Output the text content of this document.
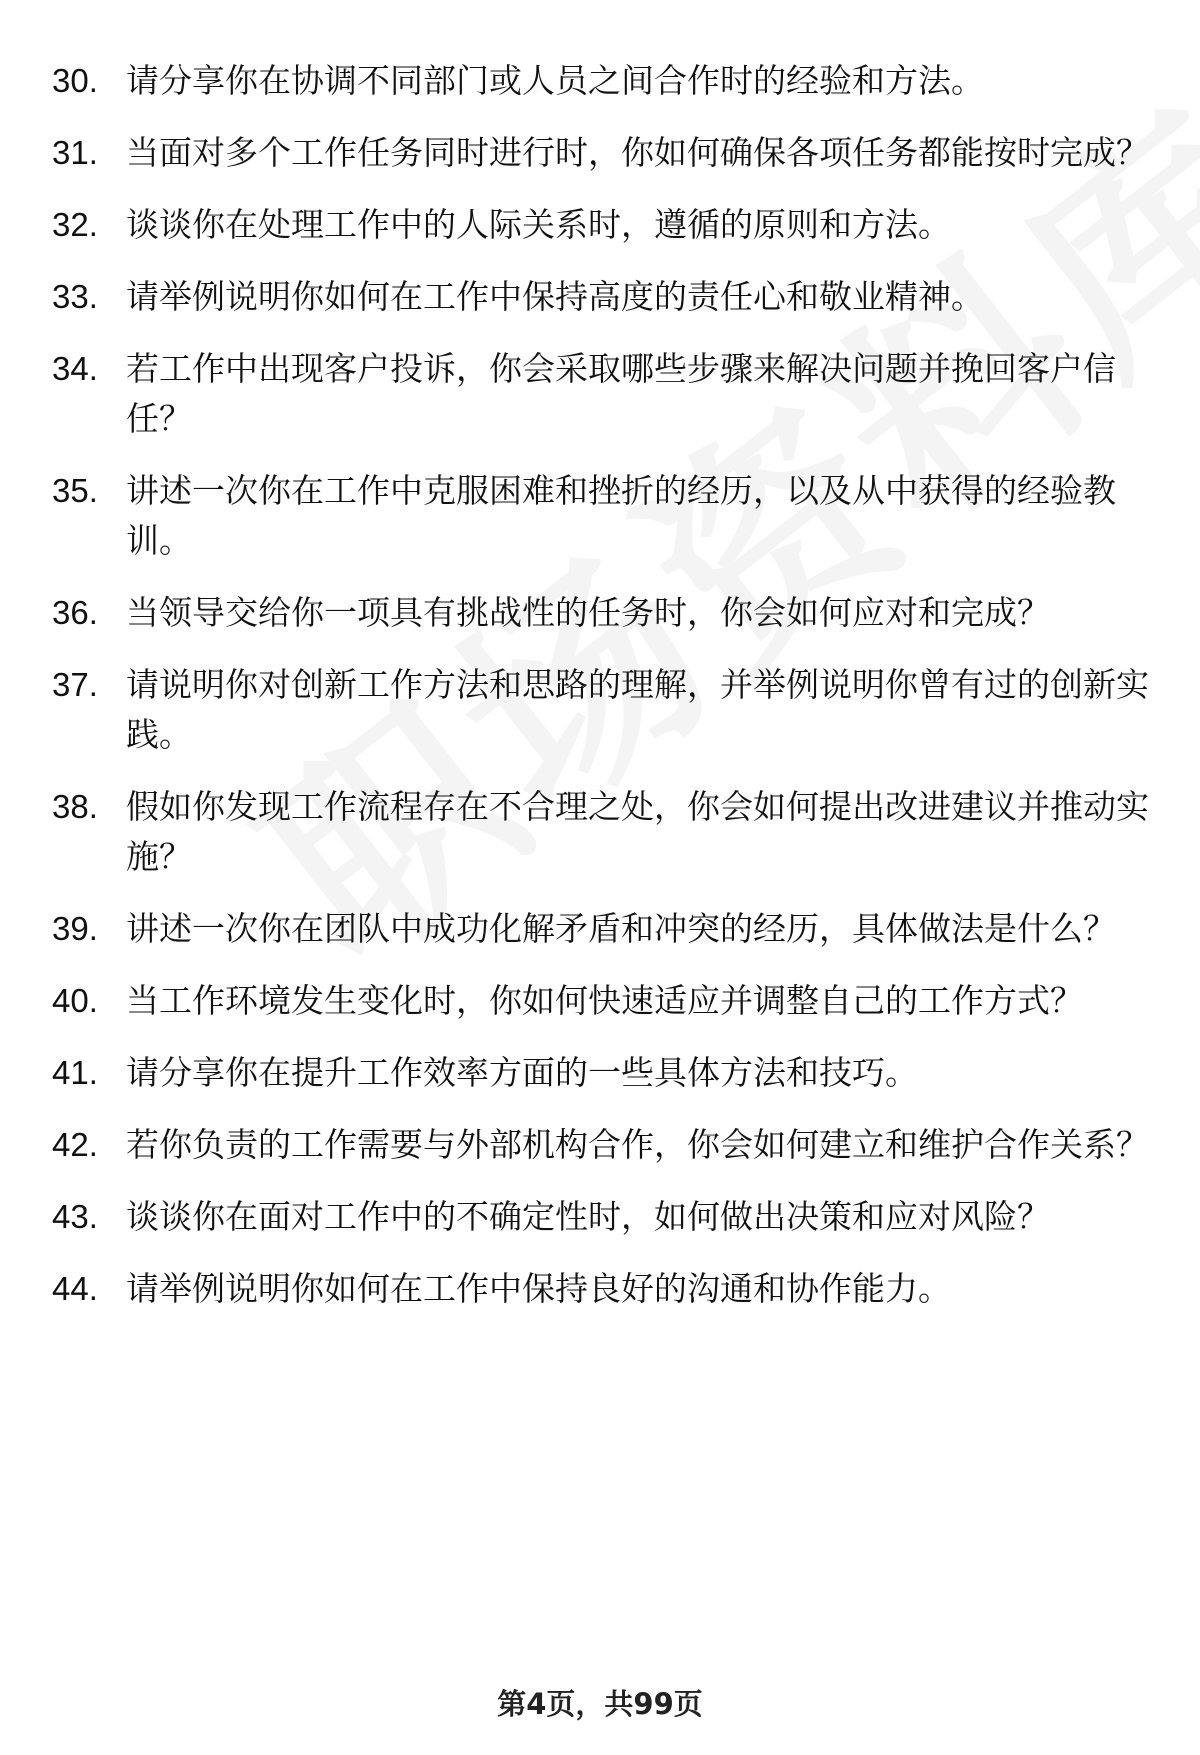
30. 请分享你在协调不同部门或人员之间合作时的经验和方法。
31. 当面对多个工作任务同时进行时，你如何确保各项任务都能按时完成？
32. 谈谈你在处理工作中的人际关系时，遵循的原则和方法。
33. 请举例说明你如何在工作中保持高度的责任心和敬业精神。
34. 若工作中出现客户投诉，你会采取哪些步骤来解决问题并挽回客户信任？
35. 讲述一次你在工作中克服困难和挫折的经历，以及从中获得的经验教训。
36. 当领导交给你一项具有挑战性的任务时，你会如何应对和完成？
37. 请说明你对创新工作方法和思路的理解，并举例说明你曾有过的创新实践。
38. 假如你发现工作流程存在不合理之处，你会如何提出改进建议并推动实施？
39. 讲述一次你在团队中成功化解矛盾和冲突的经历，具体做法是什么？
40. 当工作环境发生变化时，你如何快速适应并调整自己的工作方式？
41. 请分享你在提升工作效率方面的一些具体方法和技巧。
42. 若你负责的工作需要与外部机构合作，你会如何建立和维护合作关系？
43. 谈谈你在面对工作中的不确定性时，如何做出决策和应对风险？
44. 请举例说明你如何在工作中保持良好的沟通和协作能力。
第4页，共99页
